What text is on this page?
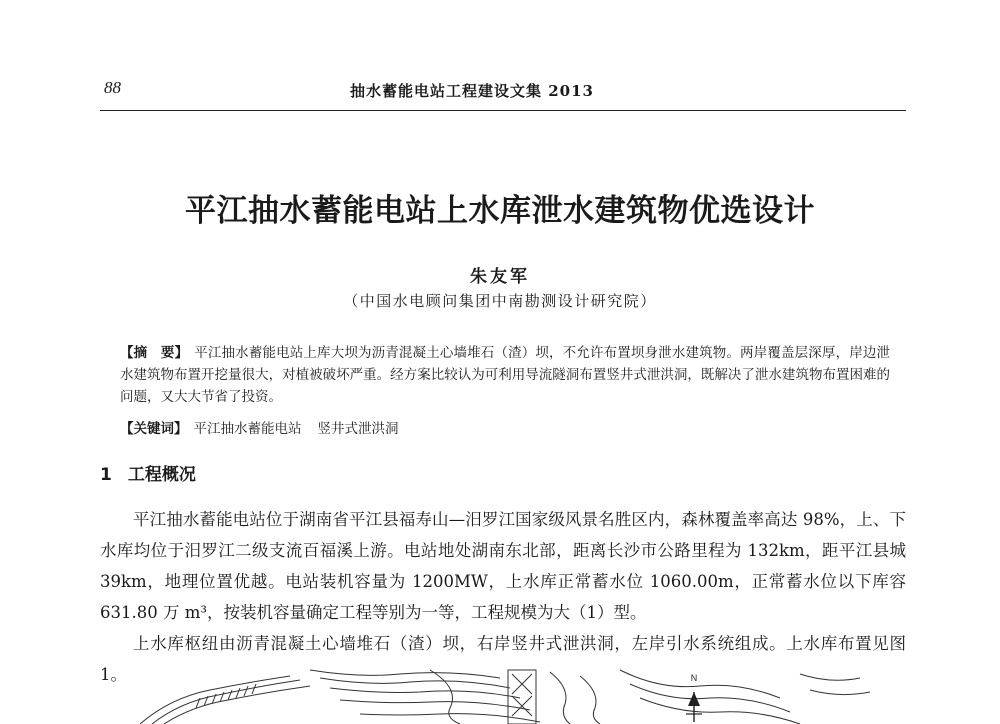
88	抽水蓄能电站工程建设文集 2013
平江抽水蓄能电站上水库泄水建筑物优选设计
朱友军
（中国水电顾问集团中南勘测设计研究院）
【摘　要】 平江抽水蓄能电站上库大坝为沥青混凝土心墙堆石（渣）坝，不允许布置坝身泄水建筑物。两岸覆盖层深厚，岸边泄水建筑物布置开挖量很大，对植被破坏严重。经方案比较认为可利用导流隧洞布置竖井式泄洪洞，既解决了泄水建筑物布置困难的问题，又大大节省了投资。
【关键词】 平江抽水蓄能电站 竖井式泄洪洞
1 工程概况

平江抽水蓄能电站位于湖南省平江县福寿山—汨罗江国家级风景名胜区内，森林覆盖率高达 98%，上、下水库均位于汨罗江二级支流百福溪上游。电站地处湖南东北部，距离长沙市公路里程为 132km，距平江县城 39km，地理位置优越。电站装机容量为 1200MW，上水库正常蓄水位 1060.00m，正常蓄水位以下库容 631.80 万 m³，按装机容量确定工程等别为一等，工程规模为大（1）型。

上水库枢纽由沥青混凝土心墙堆石（渣）坝，右岸竖井式泄洪洞，左岸引水系统组成。上水库布置见图 1。	N
